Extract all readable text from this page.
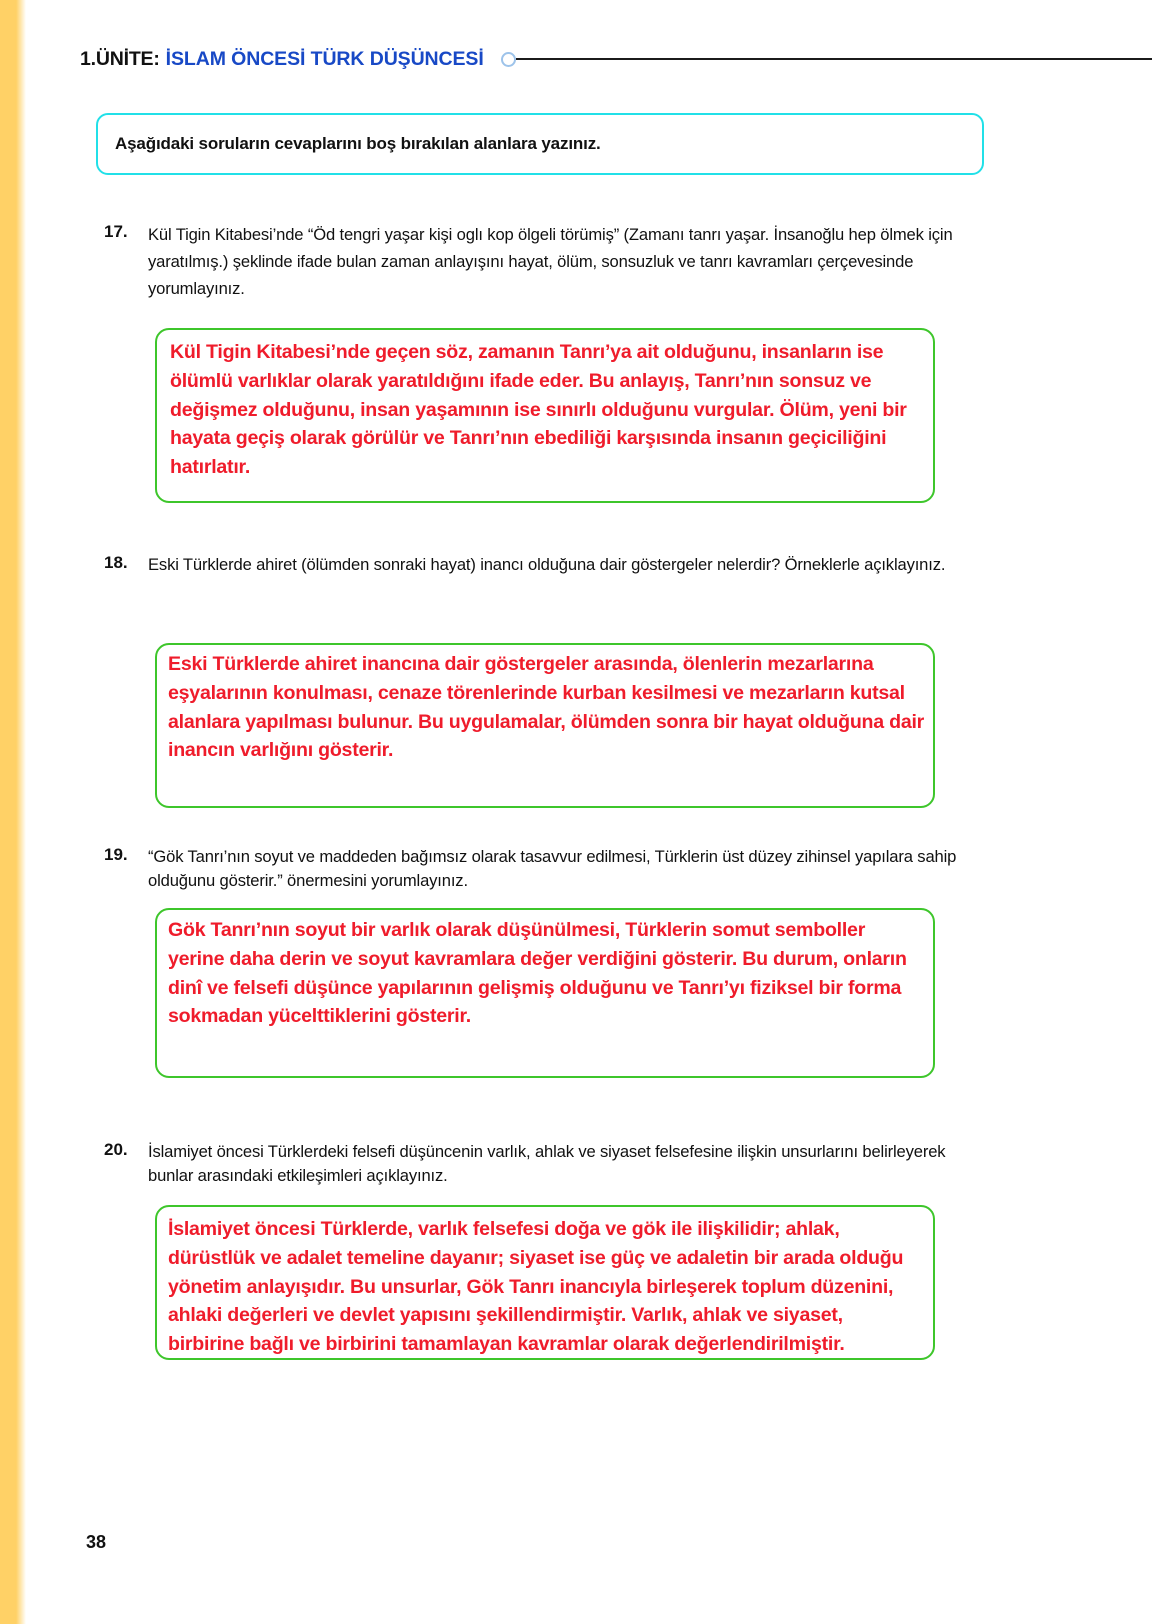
1.ÜNİTE: İSLAM ÖNCESİ TÜRK DÜŞÜNCESİ
Aşağıdaki soruların cevaplarını boş bırakılan alanlara yazınız.
17.	Kül Tigin Kitabesi’nde “Öd tengri yaşar kişi oglı kop ölgeli törümiş” (Zamanı tanrı yaşar. İnsanoğlu hep ölmek için yaratılmış.) şeklinde ifade bulan zaman anlayışını hayat, ölüm, sonsuzluk ve tanrı kavramları çerçevesinde yorumlayınız.
Kül Tigin Kitabesi’nde geçen söz, zamanın Tanrı’ya ait olduğunu, insanların ise ölümlü varlıklar olarak yaratıldığını ifade eder. Bu anlayış, Tanrı’nın sonsuz ve değişmez olduğunu, insan yaşamının ise sınırlı olduğunu vurgular. Ölüm, yeni bir hayata geçiş olarak görülür ve Tanrı’nın ebediliği karşısında insanın geçiciliğini hatırlatır.
18.	Eski Türklerde ahiret (ölümden sonraki hayat) inancı olduğuna dair göstergeler nelerdir? Örneklerle açıklayınız.
Eski Türklerde ahiret inancına dair göstergeler arasında, ölenlerin mezarlarına eşyalarının konulması, cenaze törenlerinde kurban kesilmesi ve mezarların kutsal alanlara yapılması bulunur. Bu uygulamalar, ölümden sonra bir hayat olduğuna dair inancın varlığını gösterir.
19.	“Gök Tanrı’nın soyut ve maddeden bağımsız olarak tasavvur edilmesi, Türklerin üst düzey zihinsel yapılara sahip olduğunu gösterir.” önermesini yorumlayınız.
Gök Tanrı’nın soyut bir varlık olarak düşünülmesi, Türklerin somut semboller yerine daha derin ve soyut kavramlara değer verdiğini gösterir. Bu durum, onların dinî ve felsefi düşünce yapılarının gelişmiş olduğunu ve Tanrı’yı fiziksel bir forma sokmadan yücelttiklerini gösterir.
20.	İslamiyet öncesi Türklerdeki felsefi düşüncenin varlık, ahlak ve siyaset felsefesine ilişkin unsurlarını belirleyerek bunlar arasındaki etkileşimleri açıklayınız.
İslamiyet öncesi Türklerde, varlık felsefesi doğa ve gök ile ilişkilidir; ahlak, dürüstlük ve adalet temeline dayanır; siyaset ise güç ve adaletin bir arada olduğu yönetim anlayışıdır. Bu unsurlar, Gök Tanrı inancıyla birleşerek toplum düzenini, ahlaki değerleri ve devlet yapısını şekillendirmiştir. Varlık, ahlak ve siyaset, birbirine bağlı ve birbirini tamamlayan kavramlar olarak değerlendirilmiştir.
38
